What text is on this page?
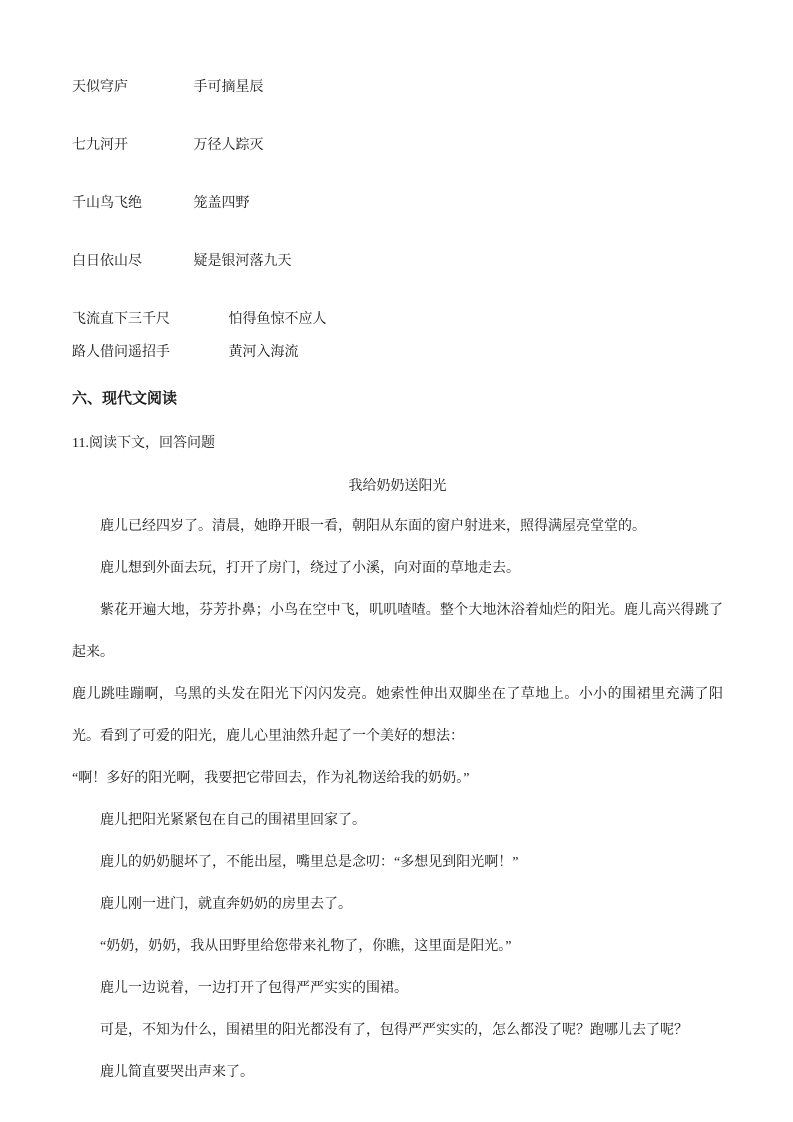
天似穹庐	手可摘星辰
七九河开	万径人踪灭
千山鸟飞绝	笼盖四野
白日依山尽	疑是银河落九天
飞流直下三千尺	怕得鱼惊不应人
路人借问遥招手	黄河入海流
六、现代文阅读

11.阅读下文，回答问题

我给奶奶送阳光

鹿儿已经四岁了。清晨，她睁开眼一看，朝阳从东面的窗户射进来，照得满屋亮堂堂的。

鹿儿想到外面去玩，打开了房门，绕过了小溪，向对面的草地走去。

紫花开遍大地，芬芳扑鼻；小鸟在空中飞，叽叽喳喳。整个大地沐浴着灿烂的阳光。鹿儿高兴得跳了起来。

鹿儿跳哇蹦啊，乌黑的头发在阳光下闪闪发亮。她索性伸出双脚坐在了草地上。小小的围裙里充满了阳光。看到了可爱的阳光，鹿儿心里油然升起了一个美好的想法：

“啊！多好的阳光啊，我要把它带回去，作为礼物送给我的奶奶。”

鹿儿把阳光紧紧包在自己的围裙里回家了。

鹿儿的奶奶腿坏了，不能出屋，嘴里总是念叨：“多想见到阳光啊！”

鹿儿刚一进门，就直奔奶奶的房里去了。

“奶奶，奶奶，我从田野里给您带来礼物了，你瞧，这里面是阳光。”

鹿儿一边说着，一边打开了包得严严实实的围裙。

可是，不知为什么，围裙里的阳光都没有了，包得严严实实的，怎么都没了呢？跑哪儿去了呢？

鹿儿简直要哭出声来了。
